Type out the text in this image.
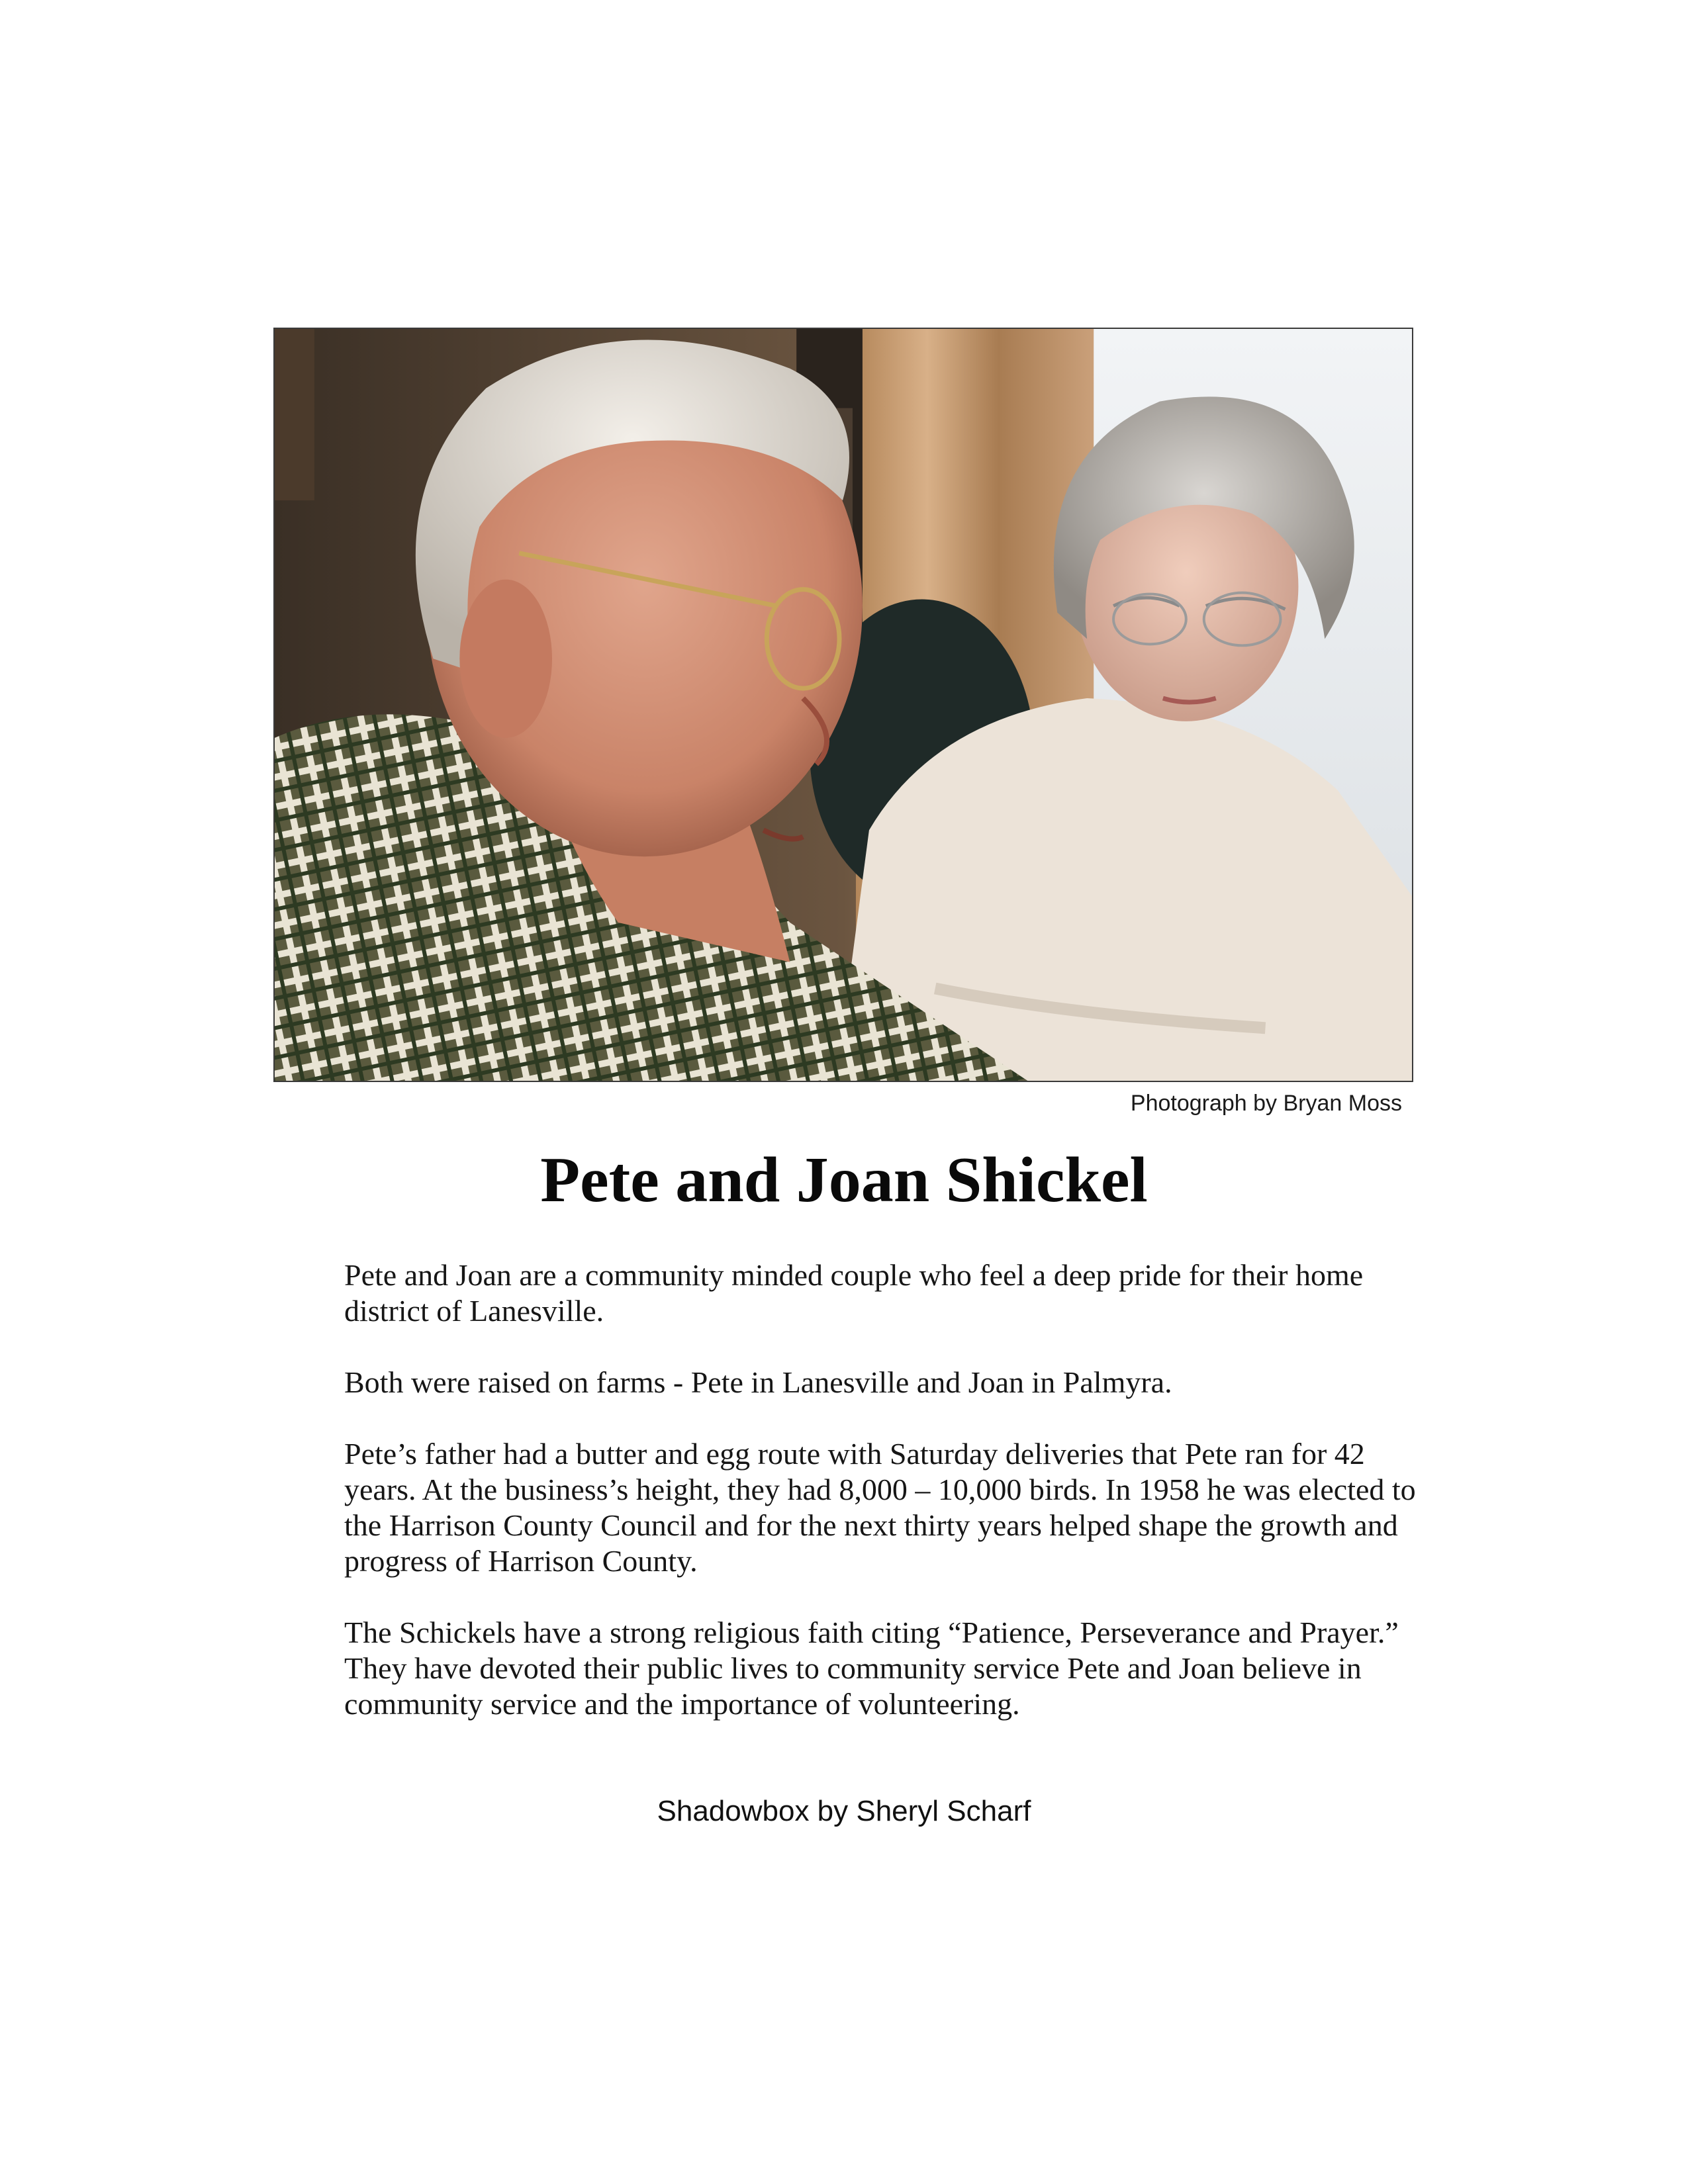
Photograph by Bryan Moss
Pete and Joan Shickel

Pete and Joan are a community minded couple who feel a deep pride for their home district of Lanesville.

Both were raised on farms - Pete in Lanesville and Joan in Palmyra.

Pete’s father had a butter and egg route with Saturday deliveries that Pete ran for 42 years. At the business’s height, they had 8,000 – 10,000 birds. In 1958 he was elected to the Harrison County Council and for the next thirty years helped shape the growth and progress of Harrison County.

The Schickels have a strong religious faith citing “Patience, Perseverance and Prayer.” They have devoted their public lives to community service Pete and Joan believe in community service and the importance of volunteering.

Shadowbox by Sheryl Scharf
